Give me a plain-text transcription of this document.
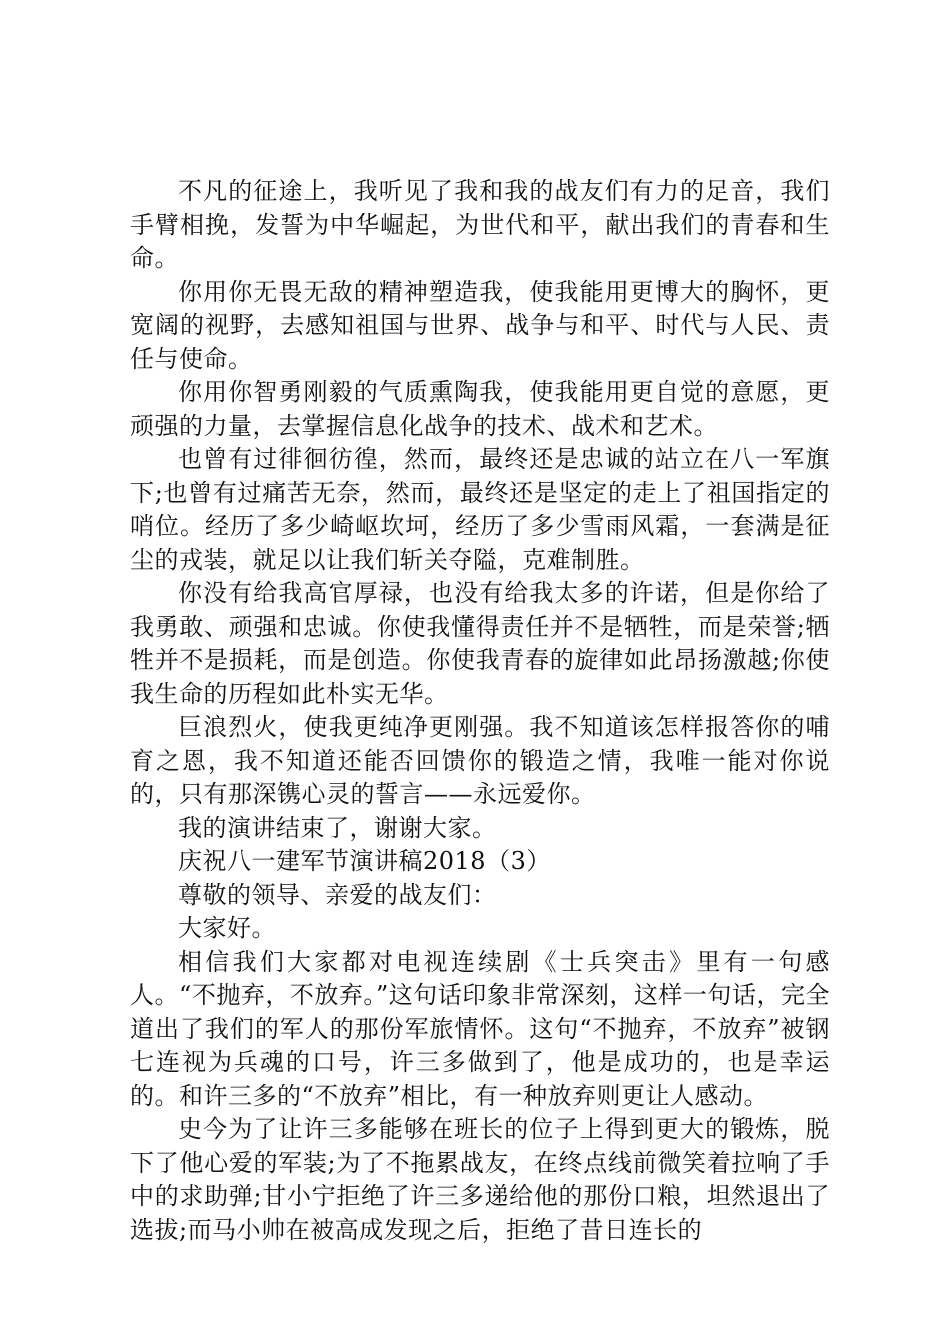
不凡的征途上，我听见了我和我的战友们有力的足音，我们手臂相挽，发誓为中华崛起，为世代和平，献出我们的青春和生命。

你用你无畏无敌的精神塑造我，使我能用更博大的胸怀，更宽阔的视野，去感知祖国与世界、战争与和平、时代与人民、责任与使命。

你用你智勇刚毅的气质熏陶我，使我能用更自觉的意愿，更顽强的力量，去掌握信息化战争的技术、战术和艺术。

也曾有过徘徊彷徨，然而，最终还是忠诚的站立在八一军旗下;也曾有过痛苦无奈，然而，最终还是坚定的走上了祖国指定的哨位。经历了多少崎岖坎坷，经历了多少雪雨风霜，一套满是征尘的戎装，就足以让我们斩关夺隘，克难制胜。

你没有给我高官厚禄，也没有给我太多的许诺，但是你给了我勇敢、顽强和忠诚。你使我懂得责任并不是牺牲，而是荣誉;牺牲并不是损耗，而是创造。你使我青春的旋律如此昂扬激越;你使我生命的历程如此朴实无华。

巨浪烈火，使我更纯净更刚强。我不知道该怎样报答你的哺育之恩，我不知道还能否回馈你的锻造之情，我唯一能对你说的，只有那深镌心灵的誓言——永远爱你。

我的演讲结束了，谢谢大家。

庆祝八一建军节演讲稿2018（3）

尊敬的领导、亲爱的战友们：

大家好。

相信我们大家都对电视连续剧《士兵突击》里有一句感人。“不抛弃，不放弃。”这句话印象非常深刻，这样一句话，完全道出了我们的军人的那份军旅情怀。这句“不抛弃，不放弃”被钢七连视为兵魂的口号，许三多做到了，他是成功的，也是幸运的。和许三多的“不放弃”相比，有一种放弃则更让人感动。

史今为了让许三多能够在班长的位子上得到更大的锻炼，脱下了他心爱的军装;为了不拖累战友，在终点线前微笑着拉响了手中的求助弹;甘小宁拒绝了许三多递给他的那份口粮，坦然退出了选拔;而马小帅在被高成发现之后，拒绝了昔日连长的
